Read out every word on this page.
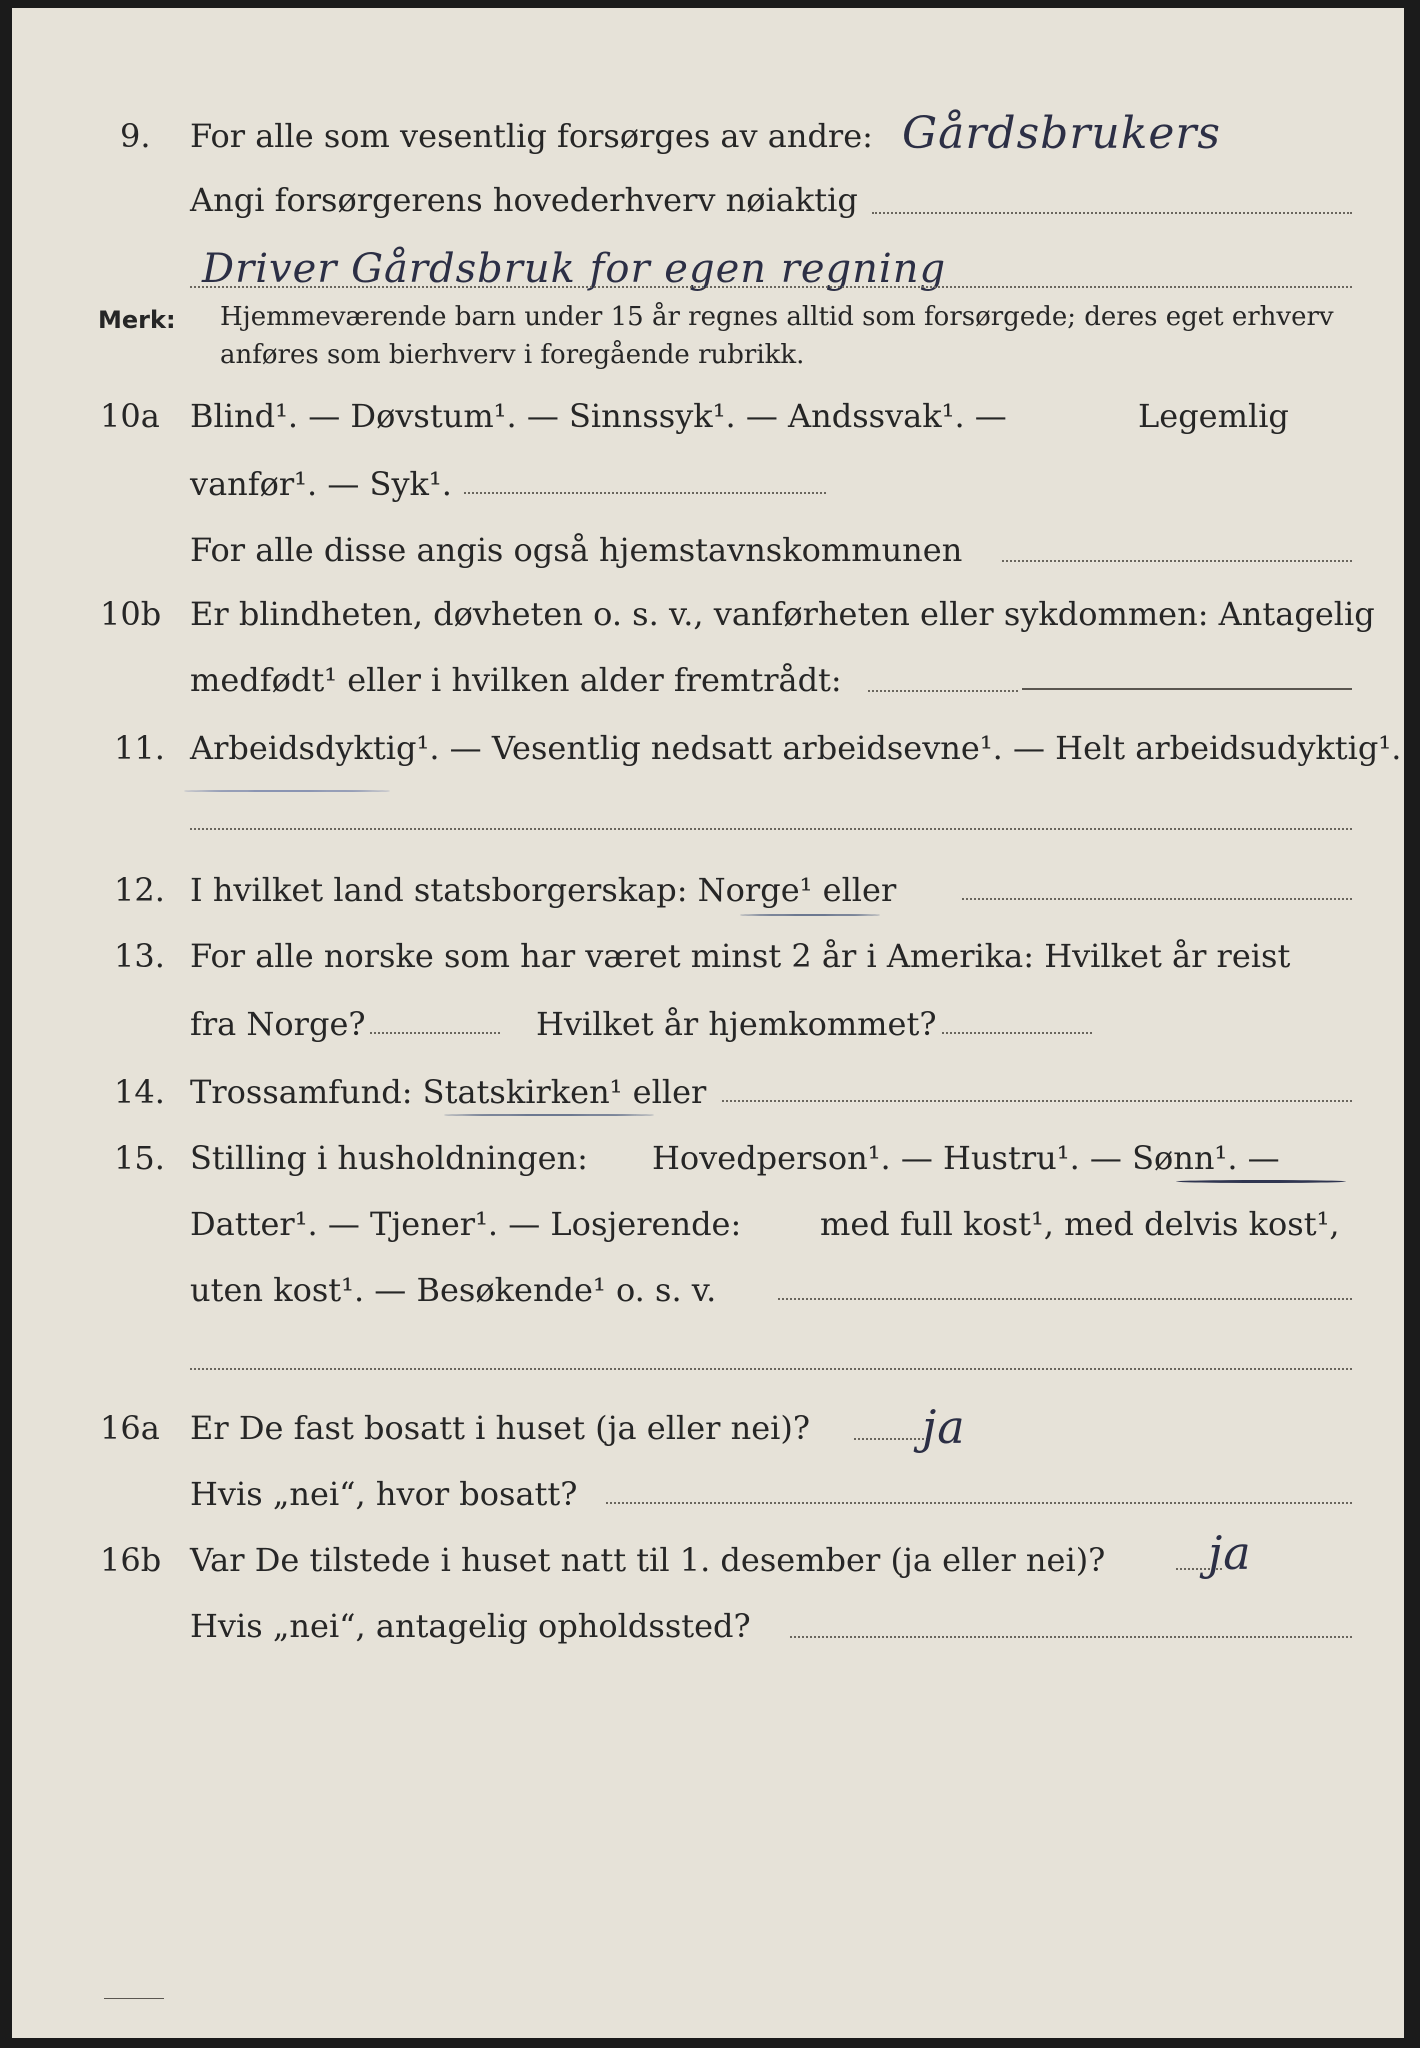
9. For alle som vesentlig forsørges av andre: Gårdsbrukers
Angi forsørgerens hovederhverv nøiaktig
Driver Gårdsbruk for egen regning
Merk: Hjemmeværende barn under 15 år regnes alltid som forsørgede; deres eget erhverv
anføres som bierhverv i foregående rubrikk.
10a Blind¹. — Døvstum¹. — Sinnssyk¹. — Andssvak¹. —	Legemlig
vanfør¹. — Syk¹.
For alle disse angis også hjemstavnskommunen
10b Er blindheten, døvheten o. s. v., vanførheten eller sykdommen: Antagelig
medfødt¹ eller i hvilken alder fremtrådt:
11. Arbeidsdyktig¹. — Vesentlig nedsatt arbeidsevne¹. — Helt arbeidsudyktig¹.
12. I hvilket land statsborgerskap: Norge¹ eller
13. For alle norske som har været minst 2 år i Amerika: Hvilket år reist
fra Norge?	Hvilket år hjemkommet?
14. Trossamfund: Statskirken¹ eller
15. Stilling i husholdningen: Hovedperson¹. — Hustru¹. — Sønn¹. —
Datter¹. — Tjener¹. — Losjerende: med full kost¹, med delvis kost¹,
uten kost¹. — Besøkende¹ o. s. v.
16a Er De fast bosatt i huset (ja eller nei)? ja
Hvis „nei“, hvor bosatt?
16b Var De tilstede i huset natt til 1. desember (ja eller nei)? ja
Hvis „nei“, antagelig opholdssted?
